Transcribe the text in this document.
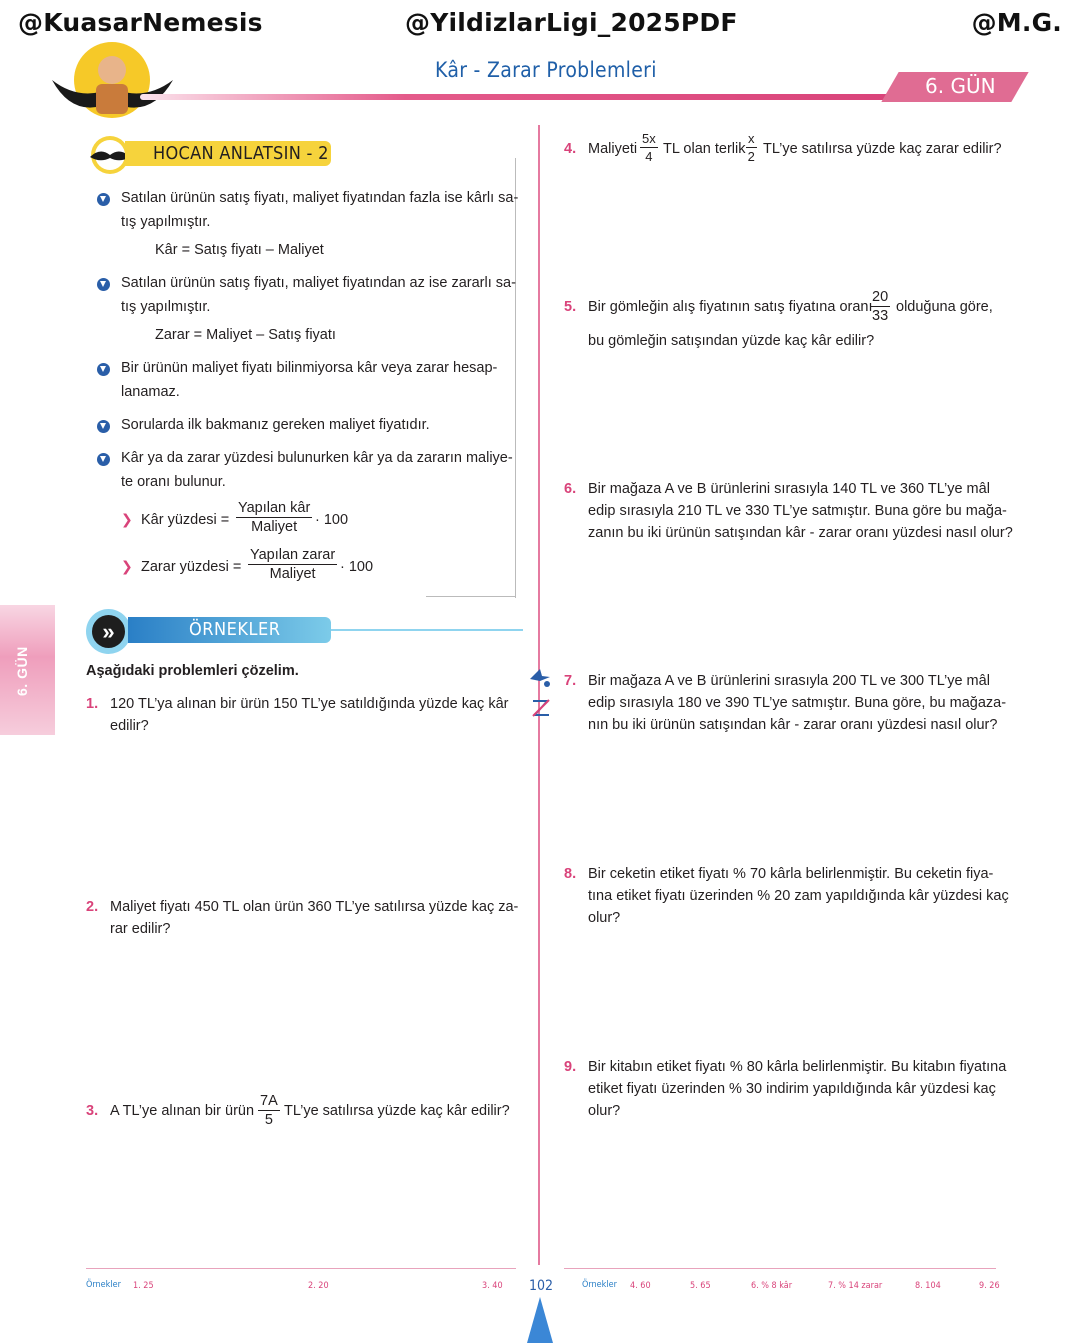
@KuasarNemesis	@YildizlarLigi_2025PDF	@M.G.
Kâr - Zarar Problemleri
6. GÜN
6. GÜN
HOCAN ANLATSIN - 2
Satılan ürünün satış fiyatı, maliyet fiyatından fazla ise kârlı sa-
tış yapılmıştır.
Kâr = Satış fiyatı – Maliyet
Satılan ürünün satış fiyatı, maliyet fiyatından az ise zararlı sa-
tış yapılmıştır.
Zarar = Maliyet – Satış fiyatı
Bir ürünün maliyet fiyatı bilinmiyorsa kâr veya zarar hesap-
lanamaz.
Sorularda ilk bakmanız gereken maliyet fiyatıdır.
Kâr ya da zarar yüzdesi bulunurken kâr ya da zararın maliye-
te oranı bulunur.
❯ Kâr yüzdesi =
Yapılan kâr
Maliyet	· 100
❯ Zarar yüzdesi =
Yapılan zarar
Maliyet	· 100
»	ÖRNEKLER
Aşağıdaki problemleri çözelim.
1. 120 TL’ya alınan bir ürün 150 TL’ye satıldığında yüzde kaç kâr
edilir?
2. Maliyet fiyatı 450 TL olan ürün 360 TL’ye satılırsa yüzde kaç za-
rar edilir?
3. A TL’ye alınan bir ürün $\frac{7A}{5}$ TL’ye satılırsa yüzde kaç kâr edilir?
4. Maliyeti $\frac{5x}{4}$ TL olan terlik $\frac{x}{2}$ TL’ye satılırsa yüzde kaç zarar edilir?
5. Bir gömleğin alış fiyatının satış fiyatına oranı
$\frac{20}{33}$ olduğuna göre,
bu gömleğin satışından yüzde kaç kâr edilir?
6. Bir mağaza A ve B ürünlerini sırasıyla 140 TL ve 360 TL’ye mâl
edip sırasıyla 210 TL ve 330 TL’ye satmıştır. Buna göre bu mağa-
zanın bu iki ürünün satışından kâr - zarar oranı yüzdesi nasıl olur?
7. Bir mağaza A ve B ürünlerini sırasıyla 200 TL ve 300 TL’ye mâl
edip sırasıyla 180 ve 390 TL’ye satmıştır. Buna göre, bu mağaza-
nın bu iki ürünün satışından kâr - zarar oranı yüzdesi nasıl olur?
8. Bir ceketin etiket fiyatı % 70 kârla belirlenmiştir. Bu ceketin fiya-
tına etiket fiyatı üzerinden % 20 zam yapıldığında kâr yüzdesi kaç
olur?
9. Bir kitabın etiket fiyatı % 80 kârla belirlenmiştir. Bu kitabın fiyatına
etiket fiyatı üzerinden % 30 indirim yapıldığında kâr yüzdesi kaç
olur?
Örnekler 1. 25	2. 20	3. 40 102	Örnekler 4. 60	5. 65	6. % 8 kâr	7. % 14 zarar	8. 104	9. 26
